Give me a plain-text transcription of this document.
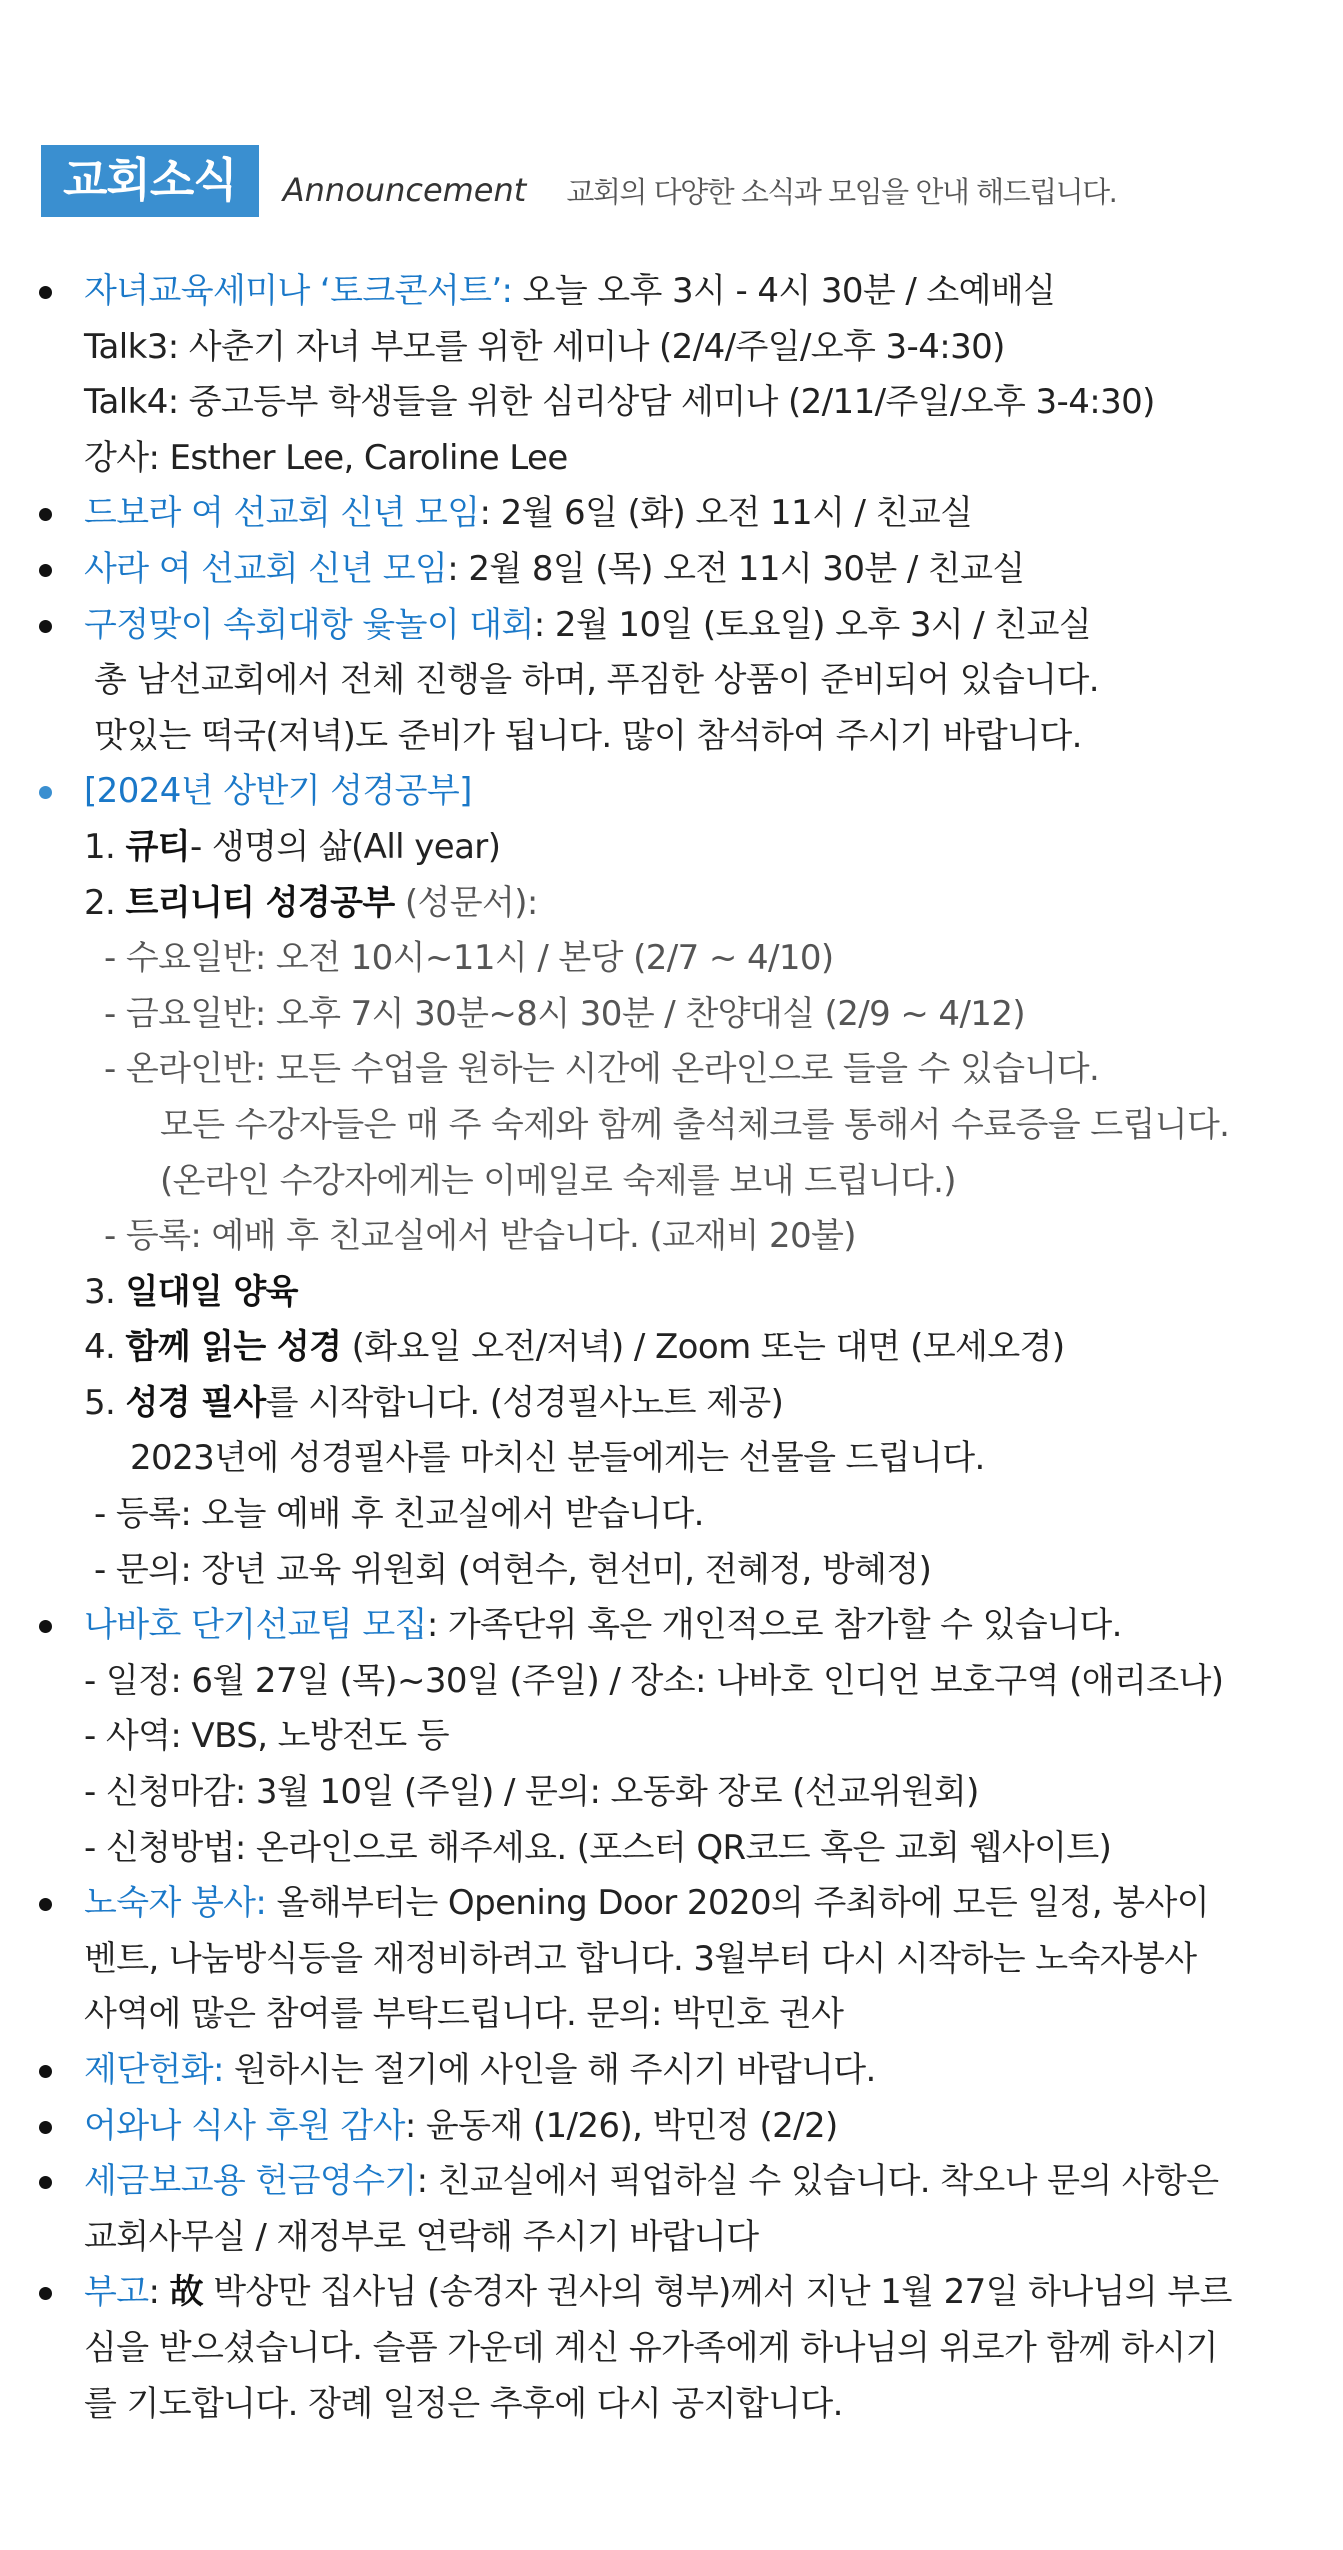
교회소식	Announcement 교회의 다양한 소식과 모임을 안내 해드립니다.
자녀교육세미나 ‘토크콘서트’: 오늘 오후 3시 - 4시 30분 / 소예배실
Talk3: 사춘기 자녀 부모를 위한 세미나 (2/4/주일/오후 3-4:30)
Talk4: 중고등부 학생들을 위한 심리상담 세미나 (2/11/주일/오후 3-4:30)
강사: Esther Lee, Caroline Lee
드보라 여 선교회 신년 모임: 2월 6일 (화) 오전 11시 / 친교실
사라 여 선교회 신년 모임: 2월 8일 (목) 오전 11시 30분 / 친교실
구정맞이 속회대항 윷놀이 대회: 2월 10일 (토요일) 오후 3시 / 친교실
총 남선교회에서 전체 진행을 하며, 푸짐한 상품이 준비되어 있습니다.
맛있는 떡국(저녁)도 준비가 됩니다. 많이 참석하여 주시기 바랍니다.
[2024년 상반기 성경공부]
1. 큐티- 생명의 삶(All year)
2. 트리니티 성경공부 (성문서):
- 수요일반: 오전 10시~11시 / 본당 (2/7 ~ 4/10)
- 금요일반: 오후 7시 30분~8시 30분 / 찬양대실 (2/9 ~ 4/12)
- 온라인반: 모든 수업을 원하는 시간에 온라인으로 들을 수 있습니다.
모든 수강자들은 매 주 숙제와 함께 출석체크를 통해서 수료증을 드립니다.
(온라인 수강자에게는 이메일로 숙제를 보내 드립니다.)
- 등록: 예배 후 친교실에서 받습니다. (교재비 20불)
3. 일대일 양육
4. 함께 읽는 성경 (화요일 오전/저녁) / Zoom 또는 대면 (모세오경)
5. 성경 필사를 시작합니다. (성경필사노트 제공)
2023년에 성경필사를 마치신 분들에게는 선물을 드립니다.
- 등록: 오늘 예배 후 친교실에서 받습니다.
- 문의: 장년 교육 위원회 (여현수, 현선미, 전혜정, 방혜정)
나바호 단기선교팀 모집: 가족단위 혹은 개인적으로 참가할 수 있습니다.
- 일정: 6월 27일 (목)~30일 (주일) / 장소: 나바호 인디언 보호구역 (애리조나)
- 사역: VBS, 노방전도 등
- 신청마감: 3월 10일 (주일) / 문의: 오동화 장로 (선교위원회)
- 신청방법: 온라인으로 해주세요. (포스터 QR코드 혹은 교회 웹사이트)
노숙자 봉사: 올해부터는 Opening Door 2020의 주최하에 모든 일정, 봉사이
벤트, 나눔방식등을 재정비하려고 합니다. 3월부터 다시 시작하는 노숙자봉사
사역에 많은 참여를 부탁드립니다. 문의: 박민호 권사
제단헌화: 원하시는 절기에 사인을 해 주시기 바랍니다.
어와나 식사 후원 감사: 윤동재 (1/26), 박민정 (2/2)
세금보고용 헌금영수기: 친교실에서 픽업하실 수 있습니다. 착오나 문의 사항은
교회사무실 / 재정부로 연락해 주시기 바랍니다
부고: 故 박상만 집사님 (송경자 권사의 형부)께서 지난 1월 27일 하나님의 부르
심을 받으셨습니다. 슬픔 가운데 계신 유가족에게 하나님의 위로가 함께 하시기
를 기도합니다. 장례 일정은 추후에 다시 공지합니다.
